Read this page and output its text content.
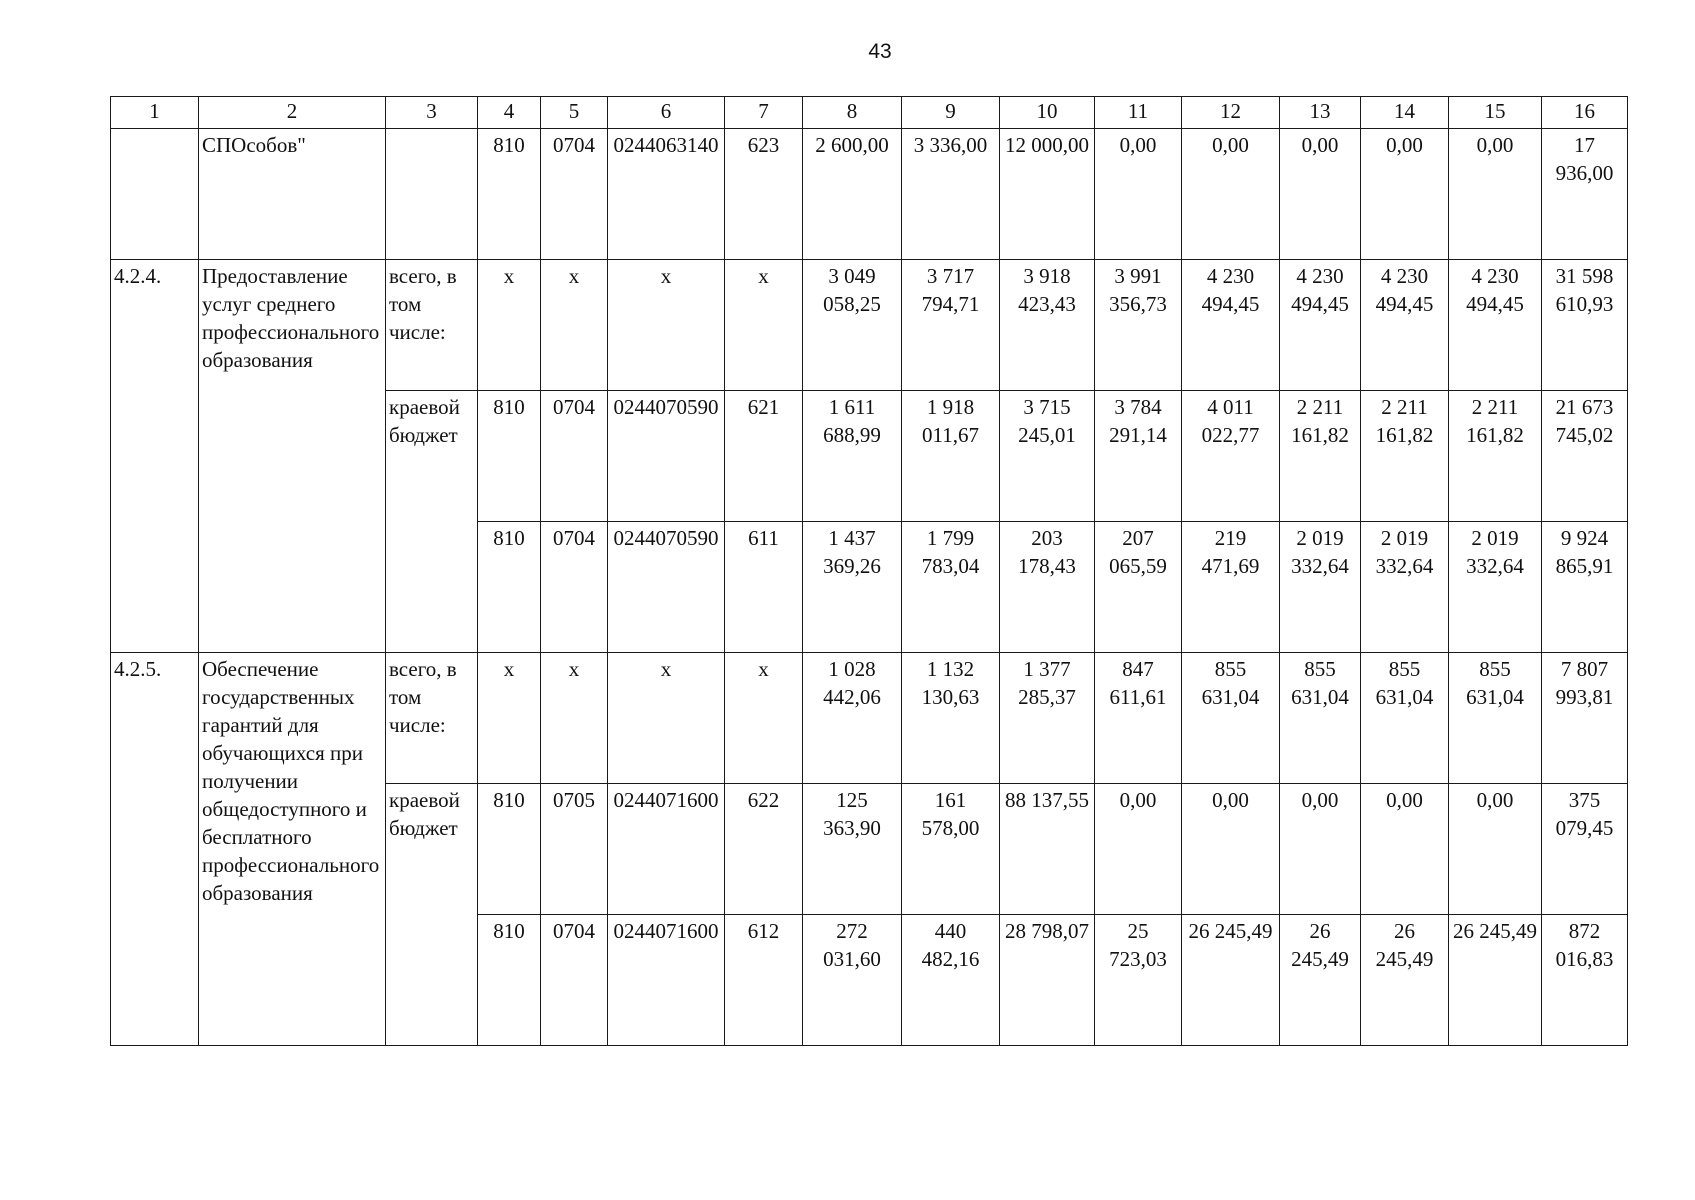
43
1	2	3	4	5	6	7	8	9	10	11	12	13	14	15	16
	СПОсобов"		810	0704	0244063140	623	2 600,00	3 336,00	12 000,00	0,00	0,00	0,00	0,00	0,00	17 936,00
4.2.4.	Предоставление услуг среднего профессионального образования	всего, в том числе:	x	x	x	x	3 049 058,25	3 717 794,71	3 918 423,43	3 991 356,73	4 230 494,45	4 230 494,45	4 230 494,45	4 230 494,45	31 598 610,93
		краевой бюджет	810	0704	0244070590	621	1 611 688,99	1 918 011,67	3 715 245,01	3 784 291,14	4 011 022,77	2 211 161,82	2 211 161,82	2 211 161,82	21 673 745,02
			810	0704	0244070590	611	1 437 369,26	1 799 783,04	203 178,43	207 065,59	219 471,69	2 019 332,64	2 019 332,64	2 019 332,64	9 924 865,91
4.2.5.	Обеспечение государственных гарантий для обучающихся при получении общедоступного и бесплатного профессионального образования	всего, в том числе:	x	x	x	x	1 028 442,06	1 132 130,63	1 377 285,37	847 611,61	855 631,04	855 631,04	855 631,04	855 631,04	7 807 993,81
		краевой бюджет	810	0705	0244071600	622	125 363,90	161 578,00	88 137,55	0,00	0,00	0,00	0,00	0,00	375 079,45
			810	0704	0244071600	612	272 031,60	440 482,16	28 798,07	25 723,03	26 245,49	26 245,49	26 245,49	26 245,49	872 016,83
